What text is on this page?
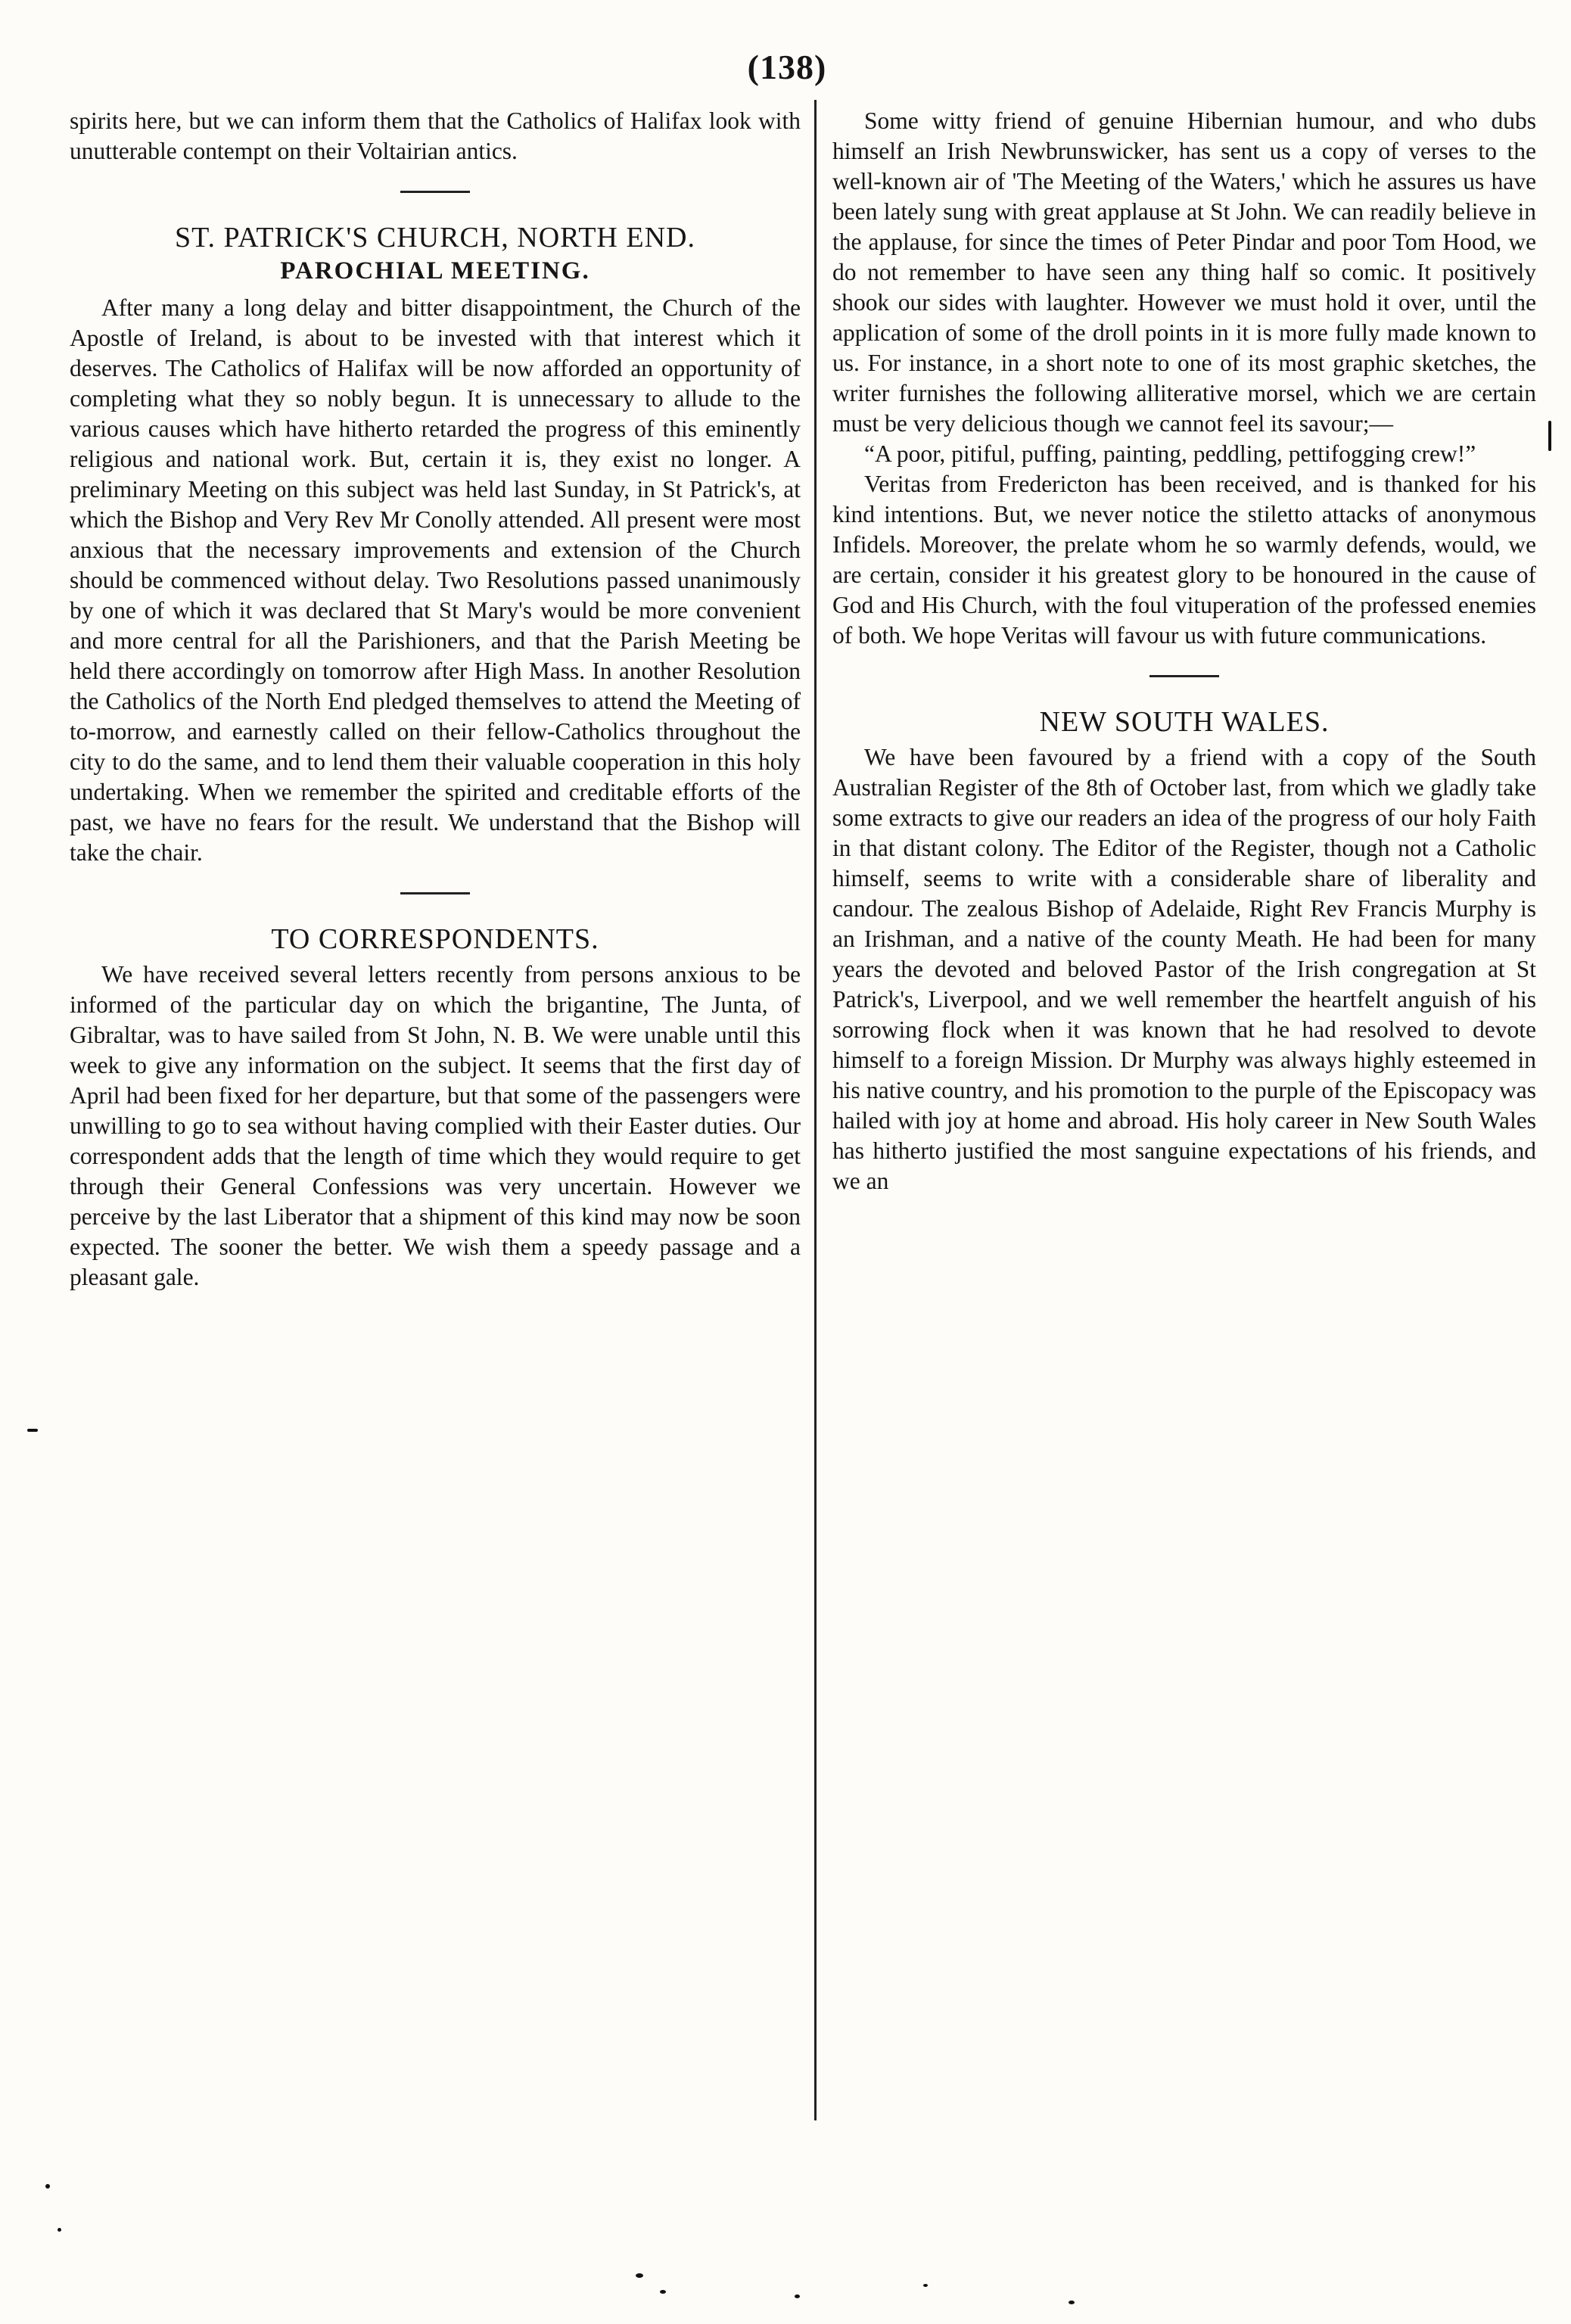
(138)

spirits here, but we can inform them that the Catholics of Halifax look with unutterable contempt on their Voltairian antics.

ST. PATRICK'S CHURCH, NORTH END.
PAROCHIAL MEETING.

After many a long delay and bitter disappointment, the Church of the Apostle of Ireland, is about to be invested with that interest which it deserves. The Catholics of Halifax will be now afforded an opportunity of completing what they so nobly begun. It is unnecessary to allude to the various causes which have hitherto retarded the progress of this eminently religious and national work. But, certain it is, they exist no longer. A preliminary Meeting on this subject was held last Sunday, in St Patrick's, at which the Bishop and Very Rev Mr Conolly attended. All present were most anxious that the necessary improvements and extension of the Church should be commenced without delay. Two Resolutions passed unanimously by one of which it was declared that St Mary's would be more convenient and more central for all the Parishioners, and that the Parish Meeting be held there accordingly on tomorrow after High Mass. In another Resolution the Catholics of the North End pledged themselves to attend the Meeting of to-morrow, and earnestly called on their fellow-Catholics throughout the city to do the same, and to lend them their valuable cooperation in this holy undertaking. When we remember the spirited and creditable efforts of the past, we have no fears for the result. We understand that the Bishop will take the chair.

TO CORRESPONDENTS.

We have received several letters recently from persons anxious to be informed of the particular day on which the brigantine, The Junta, of Gibraltar, was to have sailed from St John, N. B. We were unable until this week to give any information on the subject. It seems that the first day of April had been fixed for her departure, but that some of the passengers were unwilling to go to sea without having complied with their Easter duties. Our correspondent adds that the length of time which they would require to get through their General Confessions was very uncertain. However we perceive by the last Liberator that a shipment of this kind may now be soon expected. The sooner the better. We wish them a speedy passage and a pleasant gale.

Some witty friend of genuine Hibernian humour, and who dubs himself an Irish Newbrunswicker, has sent us a copy of verses to the well-known air of 'The Meeting of the Waters,' which he assures us have been lately sung with great applause at St John. We can readily believe in the applause, for since the times of Peter Pindar and poor Tom Hood, we do not remember to have seen any thing half so comic. It positively shook our sides with laughter. However we must hold it over, until the application of some of the droll points in it is more fully made known to us. For instance, in a short note to one of its most graphic sketches, the writer furnishes the following alliterative morsel, which we are certain must be very delicious though we cannot feel its savour;—

“A poor, pitiful, puffing, painting, peddling, pettifogging crew!”

Veritas from Fredericton has been received, and is thanked for his kind intentions. But, we never notice the stiletto attacks of anonymous Infidels. Moreover, the prelate whom he so warmly defends, would, we are certain, consider it his greatest glory to be honoured in the cause of God and His Church, with the foul vituperation of the professed enemies of both. We hope Veritas will favour us with future communications.

NEW SOUTH WALES.

We have been favoured by a friend with a copy of the South Australian Register of the 8th of October last, from which we gladly take some extracts to give our readers an idea of the progress of our holy Faith in that distant colony. The Editor of the Register, though not a Catholic himself, seems to write with a considerable share of liberality and candour. The zealous Bishop of Adelaide, Right Rev Francis Murphy is an Irishman, and a native of the county Meath. He had been for many years the devoted and beloved Pastor of the Irish congregation at St Patrick's, Liverpool, and we well remember the heartfelt anguish of his sorrowing flock when it was known that he had resolved to devote himself to a foreign Mission. Dr Murphy was always highly esteemed in his native country, and his promotion to the purple of the Episcopacy was hailed with joy at home and abroad. His holy career in New South Wales has hitherto justified the most sanguine expectations of his friends, and we an
